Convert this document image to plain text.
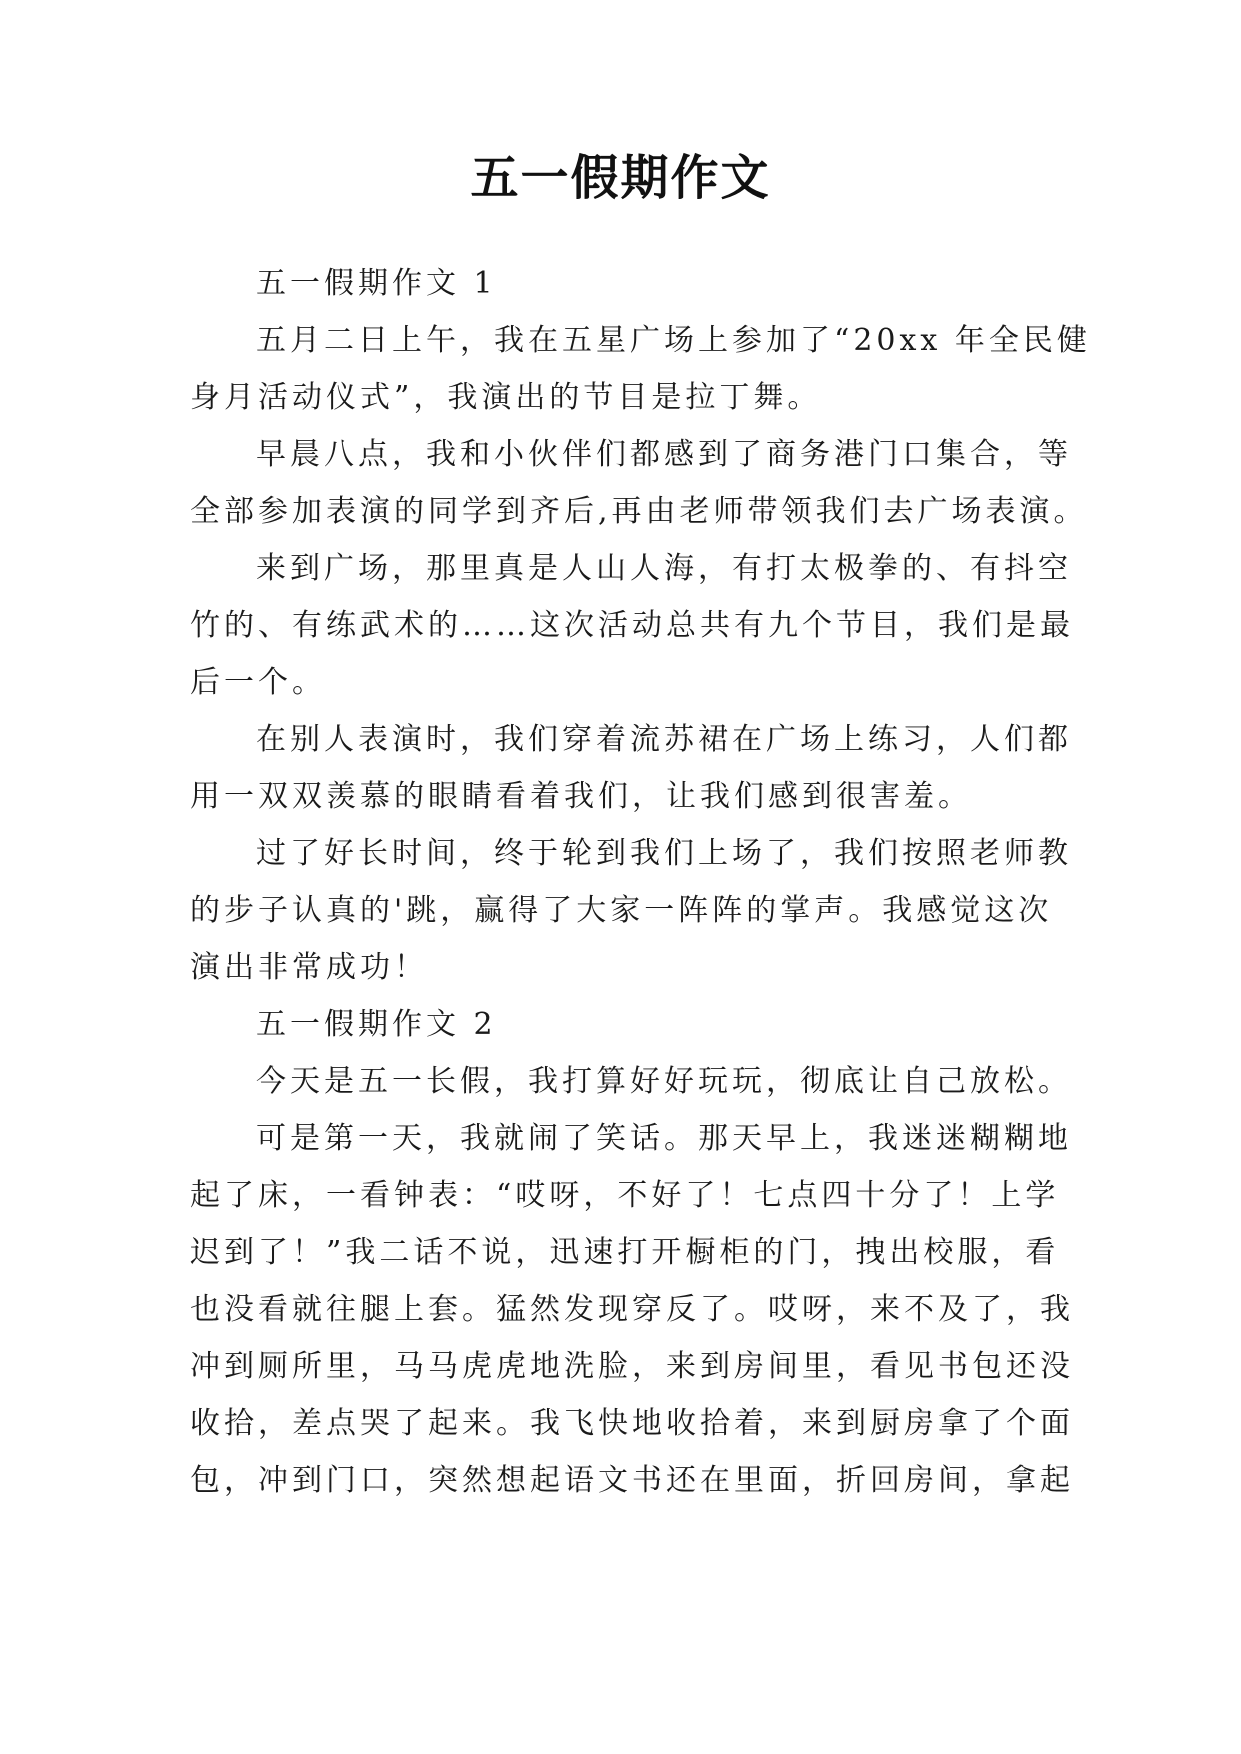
五一假期作文
五一假期作文 1
五月二日上午，我在五星广场上参加了“20xx 年全民健
身月活动仪式”，我演出的节目是拉丁舞。
早晨八点，我和小伙伴们都感到了商务港门口集合，等
全部参加表演的同学到齐后,再由老师带领我们去广场表演。
来到广场，那里真是人山人海，有打太极拳的、有抖空
竹的、有练武术的……这次活动总共有九个节目，我们是最
后一个。
在别人表演时，我们穿着流苏裙在广场上练习，人们都
用一双双羡慕的眼睛看着我们，让我们感到很害羞。
过了好长时间，终于轮到我们上场了，我们按照老师教
的步子认真的'跳，赢得了大家一阵阵的掌声。我感觉这次
演出非常成功！
五一假期作文 2
今天是五一长假，我打算好好玩玩，彻底让自己放松。
可是第一天，我就闹了笑话。那天早上，我迷迷糊糊地
起了床，一看钟表：“哎呀，不好了！七点四十分了！上学
迟到了！”我二话不说，迅速打开橱柜的门，拽出校服，看
也没看就往腿上套。猛然发现穿反了。哎呀，来不及了，我
冲到厕所里，马马虎虎地洗脸，来到房间里，看见书包还没
收拾，差点哭了起来。我飞快地收拾着，来到厨房拿了个面
包，冲到门口，突然想起语文书还在里面，折回房间，拿起
